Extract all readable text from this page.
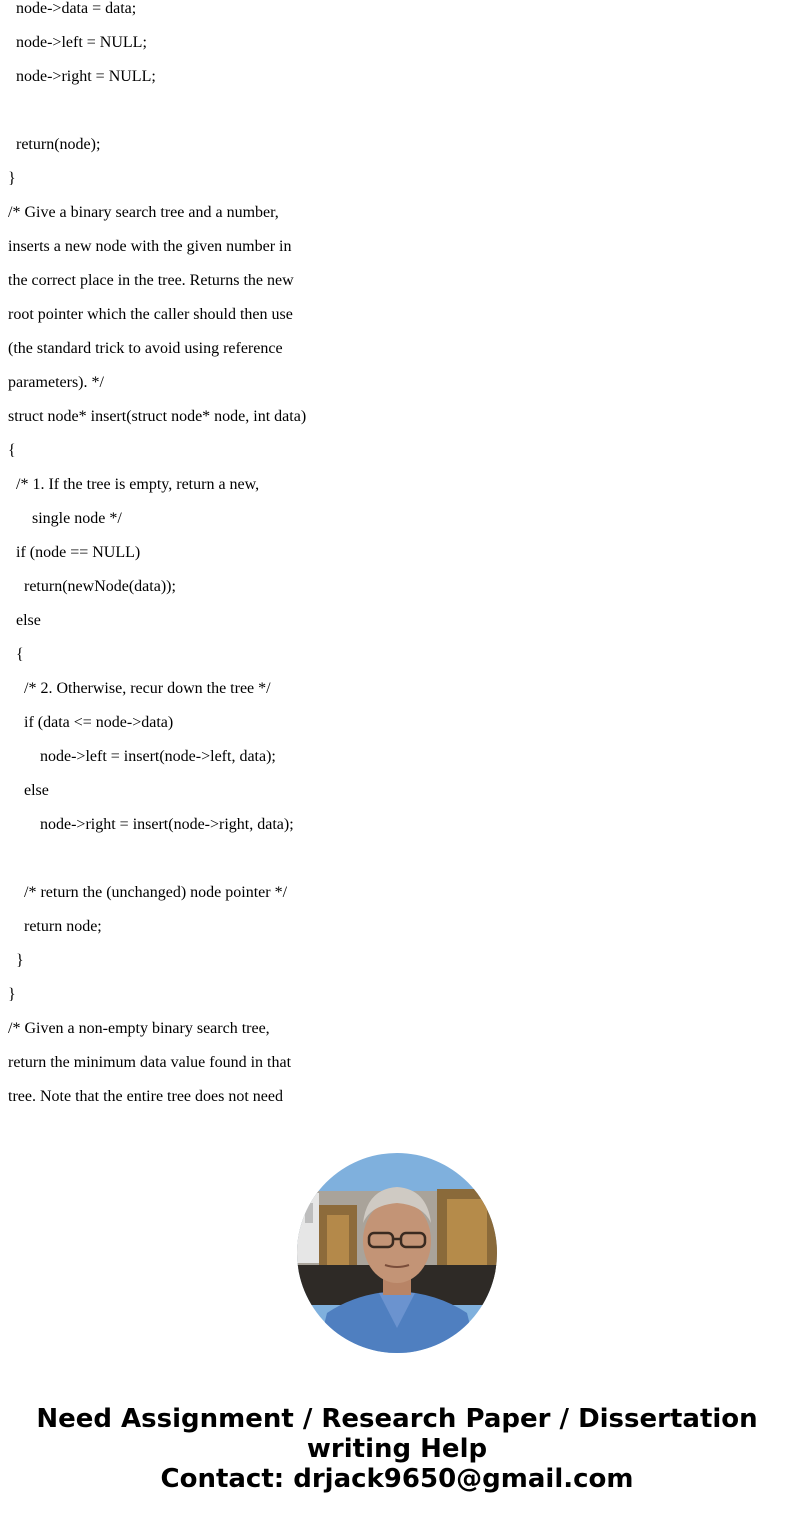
node->data = data;
node->left = NULL;
node->right = NULL;
return(node);
}
/* Give a binary search tree and a number,
inserts a new node with the given number in
the correct place in the tree. Returns the new
root pointer which the caller should then use
(the standard trick to avoid using reference
parameters). */
struct node* insert(struct node* node, int data)
{
/* 1. If the tree is empty, return a new,
single node */
if (node == NULL)
return(newNode(data));
else
{
/* 2. Otherwise, recur down the tree */
if (data <= node->data)
node->left = insert(node->left, data);
else
node->right = insert(node->right, data);
/* return the (unchanged) node pointer */
return node;
}
}
/* Given a non-empty binary search tree,
return the minimum data value found in that
tree. Note that the entire tree does not need
Need Assignment / Research Paper / Dissertation
writing Help
Contact: drjack9650@gmail.com
